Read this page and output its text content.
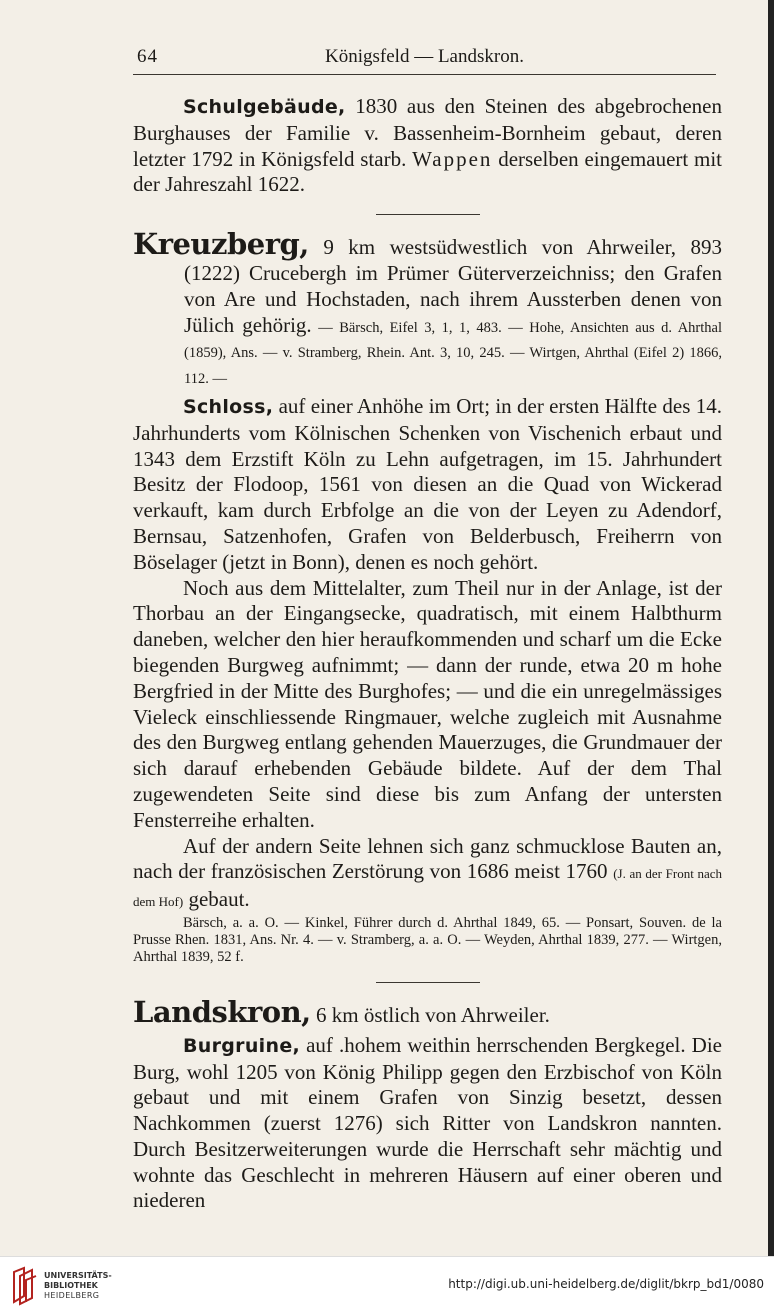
64	Königsfeld — Landskron.

Schulgebäude, 1830 aus den Steinen des abgebrochenen Burghauses der Familie v. Bassenheim-Bornheim gebaut, deren letzter 1792 in Königsfeld starb. Wappen derselben eingemauert mit der Jahreszahl 1622.

Kreuzberg, 9 km westsüdwestlich von Ahrweiler, 893 (1222) Crucebergh im Prümer Güterverzeichniss; den Grafen von Are und Hochstaden, nach ihrem Aussterben denen von Jülich gehörig. — Bärsch, Eifel 3, 1, 1, 483. — Hohe, Ansichten aus d. Ahrthal (1859), Ans. — v. Stramberg, Rhein. Ant. 3, 10, 245. — Wirtgen, Ahrthal (Eifel 2) 1866, 112. —

Schloss, auf einer Anhöhe im Ort; in der ersten Hälfte des 14. Jahrhunderts vom Kölnischen Schenken von Vischenich erbaut und 1343 dem Erzstift Köln zu Lehn aufgetragen, im 15. Jahrhundert Besitz der Flodoop, 1561 von diesen an die Quad von Wickerad verkauft, kam durch Erbfolge an die von der Leyen zu Adendorf, Bernsau, Satzenhofen, Grafen von Belderbusch, Freiherrn von Böselager (jetzt in Bonn), denen es noch gehört.

Noch aus dem Mittelalter, zum Theil nur in der Anlage, ist der Thorbau an der Eingangsecke, quadratisch, mit einem Halbthurm daneben, welcher den hier heraufkommenden und scharf um die Ecke biegenden Burgweg aufnimmt; — dann der runde, etwa 20 m hohe Bergfried in der Mitte des Burghofes; — und die ein unregelmässiges Vieleck einschliessende Ringmauer, welche zugleich mit Ausnahme des den Burgweg entlang gehenden Mauerzuges, die Grundmauer der sich darauf erhebenden Gebäude bildete. Auf der dem Thal zugewendeten Seite sind diese bis zum Anfang der untersten Fensterreihe erhalten.

Auf der andern Seite lehnen sich ganz schmucklose Bauten an, nach der französischen Zerstörung von 1686 meist 1760 (J. an der Front nach dem Hof) gebaut.

Bärsch, a. a. O. — Kinkel, Führer durch d. Ahrthal 1849, 65. — Ponsart, Souven. de la Prusse Rhen. 1831, Ans. Nr. 4. — v. Stramberg, a. a. O. — Weyden, Ahrthal 1839, 277. — Wirtgen, Ahrthal 1839, 52 f.

Landskron, 6 km östlich von Ahrweiler.

Burgruine, auf .hohem weithin herrschenden Bergkegel. Die Burg, wohl 1205 von König Philipp gegen den Erzbischof von Köln gebaut und mit einem Grafen von Sinzig besetzt, dessen Nachkommen (zuerst 1276) sich Ritter von Landskron nannten. Durch Besitzerweiterungen wurde die Herrschaft sehr mächtig und wohnte das Geschlecht in mehreren Häusern auf einer oberen und niederen

UNIVERSITÄTS-
BIBLIOTHEK
HEIDELBERG
http://digi.ub.uni-heidelberg.de/diglit/bkrp_bd1/0080
